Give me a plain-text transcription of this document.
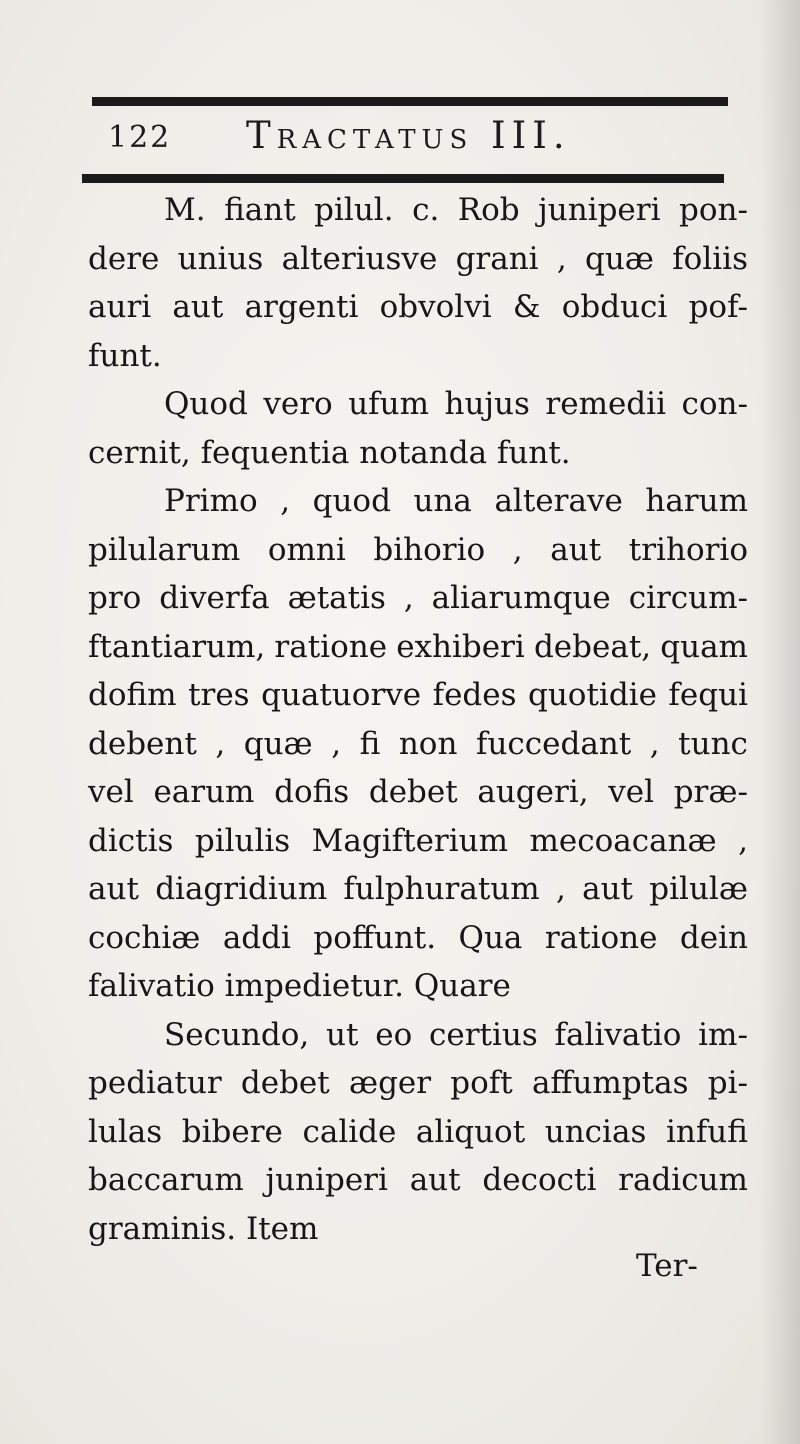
122 Tractatus III.
M. fiant pilul. c. Rob juniperi pon-
dere unius alteriusve grani , quæ foliis
auri aut argenti obvolvi & obduci pof-
funt.
Quod vero ufum hujus remedii con-
cernit, fequentia notanda funt.
Primo , quod una alterave harum
pilularum omni bihorio , aut trihorio
pro diverfa ætatis , aliarumque circum-
ftantiarum, ratione exhiberi debeat, quam
dofim tres quatuorve fedes quotidie fequi
debent , quæ , fi non fuccedant , tunc
vel earum dofis debet augeri, vel præ-
dictis pilulis Magifterium mecoacanæ ,
aut diagridium fulphuratum , aut pilulæ
cochiæ addi poffunt. Qua ratione dein
falivatio impedietur. Quare
Secundo, ut eo certius falivatio im-
pediatur debet æger poft affumptas pi-
lulas bibere calide aliquot uncias infufi
baccarum juniperi aut decocti radicum
graminis. Item
Ter-
